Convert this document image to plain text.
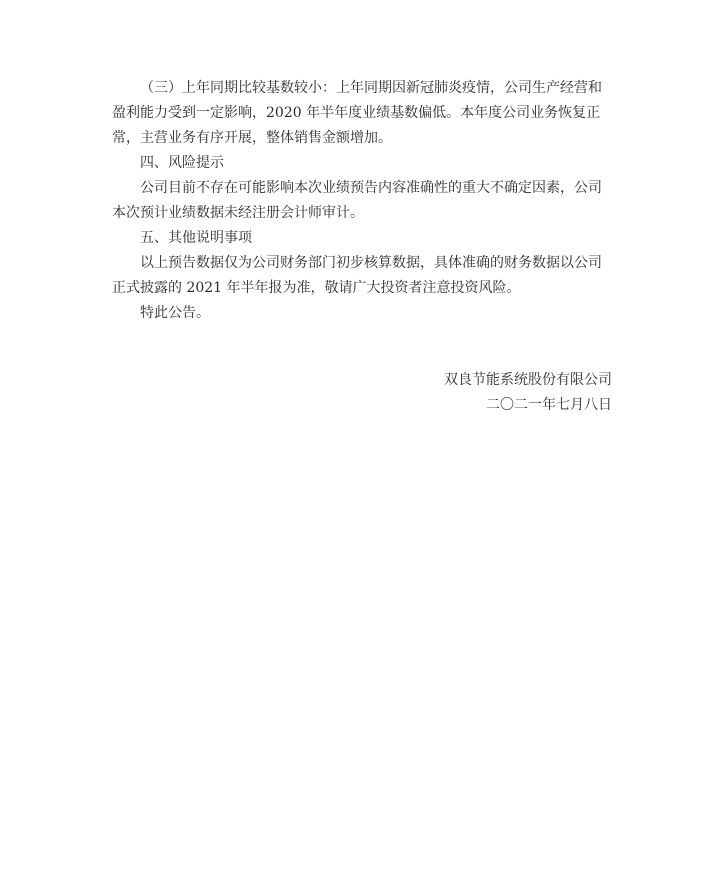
（三）上年同期比较基数较小：上年同期因新冠肺炎疫情，公司生产经营和
盈利能力受到一定影响，2020 年半年度业绩基数偏低。本年度公司业务恢复正
常，主营业务有序开展，整体销售金额增加。
四、风险提示
公司目前不存在可能影响本次业绩预告内容准确性的重大不确定因素，公司
本次预计业绩数据未经注册会计师审计。
五、其他说明事项
以上预告数据仅为公司财务部门初步核算数据，具体准确的财务数据以公司
正式披露的 2021 年半年报为准，敬请广大投资者注意投资风险。
特此公告。
双良节能系统股份有限公司
二〇二一年七月八日
